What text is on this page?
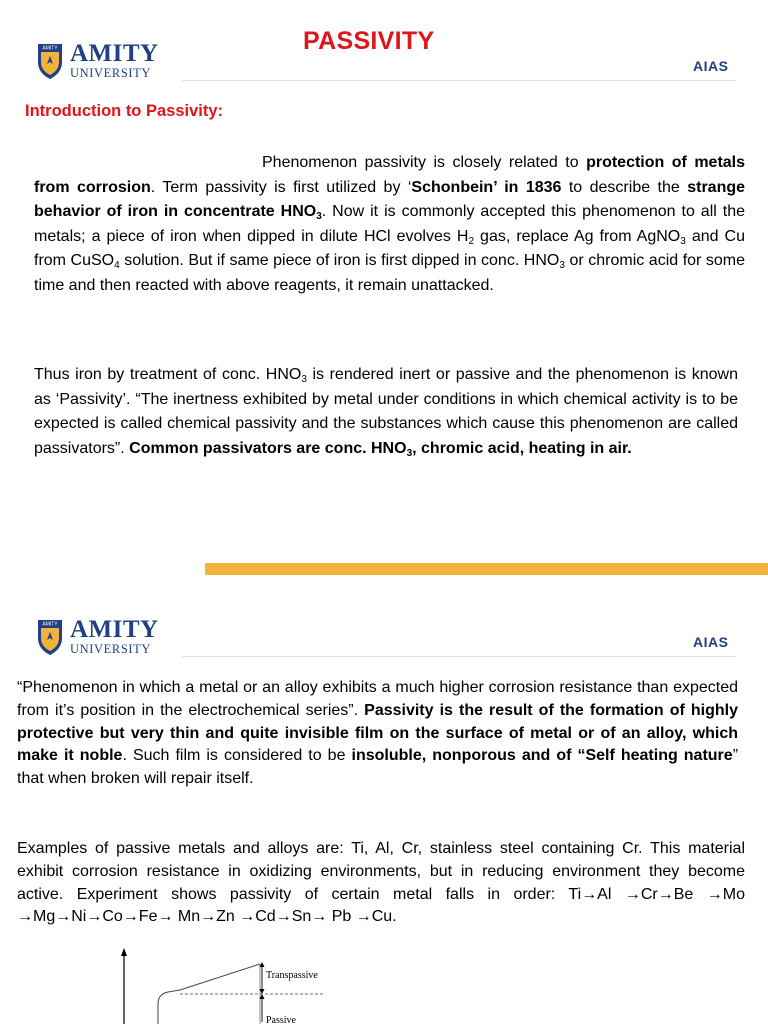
AMITY AMITY
UNIVERSITY
PASSIVITY
AIAS
Introduction to Passivity:
Phenomenon passivity is closely related to protection of metals from corrosion. Term passivity is first utilized by ‘Schonbein’ in 1836 to describe the strange behavior of iron in concentrate $HNO_3$. Now it is commonly accepted this phenomenon to all the metals; a piece of iron when dipped in dilute HCl evolves $H_2$ gas, replace Ag from AgNO$_3$ and Cu from CuSO$_4$ solution. But if same piece of iron is first dipped in conc. $HNO_3$ or chromic acid for some time and then reacted with above reagents, it remain unattacked.
Thus iron by treatment of conc. $HNO_3$ is rendered inert or passive and the phenomenon is known as ‘Passivity’. “The inertness exhibited by metal under conditions in which chemical activity is to be expected is called chemical passivity and the substances which cause this phenomenon are called passivators”. Common passivators are conc. $HNO_3$, chromic acid, heating in air.
AMITY AMITY
UNIVERSITY	AIAS
“Phenomenon in which a metal or an alloy exhibits a much higher corrosion resistance than expected from it’s position in the electrochemical series”. Passivity is the result of the formation of highly protective but very thin and quite invisible film on the surface of metal or of an alloy, which make it noble. Such film is considered to be insoluble, nonporous and of “Self heating nature” that when broken will repair itself.
Examples of passive metals and alloys are: Ti, Al, Cr, stainless steel containing Cr. This material exhibit corrosion resistance in oxidizing environments, but in reducing environment they become active. Experiment shows passivity of certain metal falls in order: Ti→Al →Cr→Be →Mo →Mg→Ni→Co→Fe→ Mn→Zn →Cd→Sn→ Pb →Cu.
Transpassive
Passive
